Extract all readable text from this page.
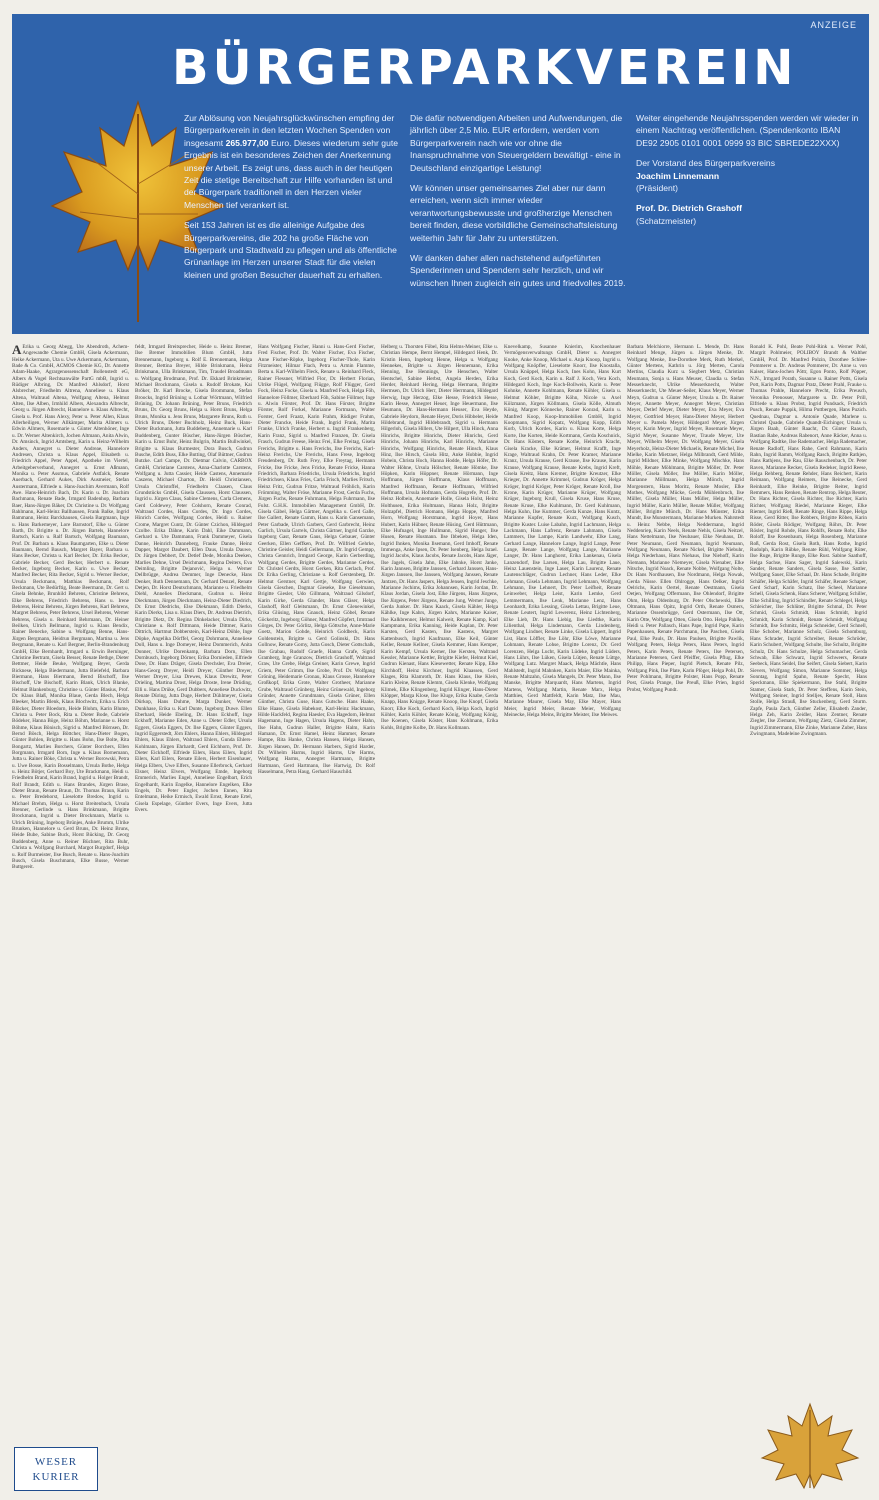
ANZEIGE
BÜRGERPARKVEREIN

Zur Ablösung von Neujahrsglückwünschen empfing der Bürgerparkverein in den letzten Wochen Spenden von insgesamt 265.977,00 Euro. Dieses wiederum sehr gute Ergebnis ist ein besonderes Zeichen der Anerkennung unserer Arbeit. Es zeigt uns, dass auch in der heutigen Zeit die stetige Bereitschaft zur Hilfe vorhanden ist und der Bürgerpark traditionell in den Herzen vieler Menschen tief verankert ist.

Seit 153 Jahren ist es die alleinige Aufgabe des Bürgerparkvereins, die 202 ha große Fläche von Bürgerpark und Stadtwald zu pflegen und als öffentliche Grünanlage im Herzen unserer Stadt für die vielen kleinen und großen Besucher dauerhaft zu erhalten.

Die dafür notwendigen Arbeiten und Aufwendungen, die jährlich über 2,5 Mio. EUR erfordern, werden vom Bürgerparkverein nach wie vor ohne die Inanspruchnahme von Steuergeldern bewältigt - eine in Deutschland einzigartige Leistung!

Wir können unser gemeinsames Ziel aber nur dann erreichen, wenn sich immer wieder verantwortungsbewusste und großherzige Menschen bereit finden, diese vorbildliche Gemeinschaftsleistung weiterhin Jahr für Jahr zu unterstützen.

Wir danken daher allen nachstehend aufgeführten Spenderinnen und Spendern sehr herzlich, und wir wünschen Ihnen zugleich ein gutes und friedvolles 2019.

Weiter eingehende Neujahrsspenden werden wir wieder in einem Nachtrag veröffentlichen. (Spendenkonto IBAN DE92 2905 0101 0001 0999 93 BIC SBREDE22XXX)

Der Vorstand des Bürgerparkvereins
Joachim Linnemann
(Präsident)

Prof. Dr. Dietrich Grashoff
(Schatzmeister)

A Erika u. Georg Abegg, Ute Abendroth, Achem-Angewandte Chemie GmbH, Gisela Ackermann, Heike Ackermann, Uta u. Uwe Ackermann, Ackermann, Bade & Co. GmbH, ACMOS Chemie KG, Dr. Annette Adam-Haake, Agrargenossenschaft Bollenstedt eG, Albers & Vogel Rechtsanwälte PartG mbB, Ingrid u. Rüdiger Albring, Dr. Manfred Ahlsdorf, Horst Alsbrecher, Friedhelm Altrena, Anneliese u. Klaus Altena, Waltraud Altena, Wolfgang Altena, Helmut Alten, Ilse Alben, Irmhild Albers, Alexandra Albrecht, Georg u. Jürgen Albrecht, Hannelore u. Klaus Albrecht, Gisela u. Prof. Hans Alexy, Peter u. Peter Allen, Klaus Allerheiligen, Werner Allkämper, Marita Allmers u. Edwin Allmers, Rosemarie u. Günter Altenhöner, Inge u. Dr. Werner Altenkirch, Jochen Altmann, Anita Alwin, Dr. Amsinck, Ingrid Amtsberg, Karin u. Heinz-Wilhelm Anders, Annegret u. Dieter Andreae, Hannelore Andresen, Christa u. Klaus Appel, Elisabeth u. Friedrich Appel, Peter Appel, Apotheke im Viertel, Arbeitgeberverband, Annegret u. Ernst Aßmann, Monika u. Peter Assmus, Gabriele Astfalck, Renate Auerbach, Gerhard Aukes, Dirk Ausmeier, Stefan Austermann, Elfriede u. Hans-Joachim Avermann, Rolf Awe. Hans-Heinrich Bach, Dr. Karin u. Dr. Joachim Bachmann, Renate Bade, Irmgard Badenhop, Barbara Baer, Hans-Jürgen Bäker, Dr. Christine u. Dr. Wolfgang Bahlmann, Karl-Heinz Ballhausen, Frank Balke, Ingrid Bammann, Heinz Barckhausen, Gisela Bargmann, Inge u. Hans Barkemeyer, Lore Barnstorf, Elke u. Günter Barth, Dr. Brigitte u. Dr. Jürgen Bartels, Hannelore Bartsch, Karin u. Ralf Bartsch, Wolfgang Baumann, Prof. Dr. Barbara u. Klaus Baumgarten, Elke u. Dieter Baumann, Bernd Bausch, Margret Bayer, Barbara u. Hans Becker, Christa u. Karl Becker, Dr. Erika Becker, Gabriele Becker, Gerd Becker, Herbert u. Renate Becker, Ingeborg Becker, Karin u. Uwe Becker, Manfred Becker, Rita Becker, Sigrid u. Werner Becker, Ursula Beckmann, Matthias Beckmann, Rolf Beckmann, Ute Bedürftig, Beate Beermann, Dr. Gert u. Gisela Behnke, Brunhild Behrens, Christine Behrens, Elke Behrens, Friedrich Behrens, Hans u. Irene Behrens, Heinz Behrens, Jürgen Behrens, Karl Behrens, Margret Behrens, Peter Behrens, Ursel Behrens, Werner Behrens, Gisela u. Reinhard Behrmann, Dr. Heiner Beilken, Ulrich Bellmann, Ingrid u. Klaus Bendix, Rainer Benecke, Sabine u. Wolfgang Benne, Hans-Jürgen Bergmann, Heidrun Bergmann, Martina u. Jens Bergmann, Renate u. Karl Bergner, Berlin-Brandenburg GmbH, Elke Bernhardt, Irmgard u. Erwin Berninger, Christine Bertram, Gisela Besser, Renate Bethge, Dieter Bettmer, Heide Beuke, Wolfgang Beyer, Gerda Bicknese, Helga Biedermann, Jutta Bielefeld, Barbara Biermann, Hans Biermann, Bernd Bischoff, Ilse Bischoff, Ute Bischoff, Karin Blank, Ulrich Blanke, Helmut Blankenburg, Christine u. Günter Blasius, Prof. Dr. Klaus Blaß, Monika Blaue, Gerda Blech, Helga Bleeker, Martin Blenk, Klaus Blochwitz, Erika u. Erich Blöcker, Dieter Bloedorn, Heide Blohm, Karin Blume, Christa u. Peter Bock, Rita u. Dieter Bode, Gabriele Bödeker, Hanna Böge, Heinz Böhm, Marianne u. Horst Böhme, Klaus Bönisch, Sigrid u. Manfred Börnsen, Dr. Bernd Bösch, Helga Böttcher, Hans-Dieter Bogen, Günter Bohlen, Brigitte u. Hans Bohn, Ilse Bolte, Rita Bongartz, Marlies Borchers, Günter Borchers, Ellen Borgmann, Irmgard Born, Inge u. Klaus Bornemann, Jutta u. Rainer Böke, Christa u. Werner Borowski, Petra u. Uwe Bosse, Karin Bosselmann, Ursula Bothe, Helga u. Heinz Bötjer, Gerhard Boy, Ute Brackmann, Heidi u. Friedhelm Brand, Karin Brand, Ingrid u. Holger Brandt, Rolf Brandt, Edith u. Hans Brandes, Jürgen Brase, Dieter Braun, Renate Braun, Dr. Thomas Braun, Karin u. Peter Bredehorst, Lieselotte Bredow, Ingrid u. Michael Brehm, Helga u. Horst Breitenbach, Ursula Brenner, Gerlinde u. Hans Brinkmann, Brigitte Brockmann, Ingrid u. Dieter Brockmann, Marlis u. Ulrich Brüning, Ingeborg Brünjes, Anke Brumm, Ulrike Brunken, Hannelore u. Gerd Bruns, Dr. Heinz Bruns, Heide Bube, Sabine Buck, Horst Bücking, Dr. Georg Buddenberg, Anne u. Reiner Büchner, Rita Buhr, Christa u. Wolfgang Burchard, Margot Burgdorf, Helga u. Rolf Burmeister, Ilse Busch, Renate u. Hans-Joachim Busch, Gisela Buschmann, Elke Busse, Werner Buttgereit.
feldt, Irmgard Breitsprecher, Heide u. Heinz Bremer, Ilse Bremer Immobilien Blum GmbH, Jutta Brennemann, Ingeborg u. Rolf E. Brennemann, Helga Brenner, Bettina Breyer, Hilde Brinkmann, Heinz Brinkmann, Ulla Brinkmann, Tim, Traudel Broadmann u. Wolfgang Brodmann, Prof. Dr. Ekkard Brinkmeier, Michael Brockmann, Gisela u. Rudolf Brokate, Kai Bröker, Dr. Karl Brocke, Gisela Brommann, Stefan Broocks, Ingrid Brüning u. Lothar Wörtmann, Wilfried Brüning, Dr. Johann Brüning, Peter Bruns, Friedrich Bruns, Dr. Georg Bruns, Helga u. Horst Bruns, Helga Bruns, Monika u. Jens Bruns, Margarete Bruns, Ruth u. Ulrich Bruns, Dieter Buchholz, Heinz Buck, Hans-Dieter Buckmann, Jutta Buddeberg, Annemarie u. Karl Buddenberg, Gunter Büscher, Hans-Jürgen Büscher, Karin u. Ernst Buhr, Heinz Bulgrin, Martin Bullwinkel, Brigitte u. Klaus Burmester, Dora Busch, Gudrun Busche, Edith Buss, Elke Butting, Olaf Büttner, Gudrun Butzke. Carl Campe, Dr. Dietmar Calvin, CARBOX GmbH, Christiane Carstens, Anna-Charlotte Carstens, Wolfgang u. Jutta Cassier, Heide Castens, Annemarie Caszens, Michael Charton, Dr. Heidi Christiansen, Ursula Christoffel, Friedhelm Claasen, Claus Grundstücks GmbH, Gisela Claussen, Horst Claussen, Ingrid u. Jürgen Claus, Sabine Clemens, Carla Clemens, Gerd Coldewey, Peter Colshorn, Renate Conrad, Waltraud Cordes, Hans Cordes, Dr. Ingo Cordes, Hinrich Cordes, Wolfgang Cordes, Heidi u. Rainer Crome, Margret Cuntz, Dr. Günter Czichon, Hildegard Czolbe. Erika Dähne, Karin Dahl, Eike Dammann, Gerhard u. Ute Dammann, Frank Dammeyer, Gisela Danne, Heinrich Danneberg, Frauke Danne, Heinz Dapper, Margot Daubert, Ellen Daus, Ursula Dauwe, Dr. Jürgen Debbert, Dr. Detlef Dede, Monika Deeken, Marlies Dehne, Ursel Deichmann, Regina Deiters, Eva Deimling, Brigitte Dejanović, Helga u. Werner Dellbrügge, Andrea Demmer, Inge Denecke, Hans Denker, Ruth Dennemann, Dr. Gerhard Denzel, Renate Detjen, Dr. Horst Deutschmann, Marianne u. Friedhelm Diehl, Annelies Dieckmann, Gudrun u. Heinz Dieckmann, Jürgen Dieckmann, Heinz-Dieter Diedrich, Dr. Ernst Diedrichs, Else Diekmann, Edith Dierks, Karin Dierks, Lisa u. Klaus Diers, Dr. Andreas Dietrich, Brigitte Dietz, Dr. Regina Dinkelacker, Ursula Dirks, Christiane u. Rolf Dittmann, Heide Dittmer, Karin Dittrich, Hartmut Dobberstein, Karl-Heinz Döhle, Inge Döpke, Angelika Dörffel, Georg Dohrmann, Anneliese Doll, Hans u. Inge Domeyer, Heinz Dommerich, Anita Donner, Ulrike Dorenkamp, Barbara Dorn, Ellen Dornbusch, Ingeborg Dörner, Erika Dornieden, Elfriede Dose, Dr. Hans Dräger, Gisela Drechsler, Eva Dreier, Hans-Georg Dreyer, Heidi Dreyer, Günther Dreyer, Werner Dreyer, Lisa Drewes, Klaus Drewitz, Peter Drieling, Martina Drost, Helga Droste, Irene Drüding, Elli u. Hans Drüke, Gerd Dubbers, Anneliese Duckwitz, Renate Düring, Jutta Duge, Herbert Dühlmeyer, Gisela Dürkop, Hans Duhme, Marga Dunker, Werner Dunkhase, Erika u. Karl Dunte, Ingeborg Duwe. Ellen Eberhard, Heide Ebeling, Dr. Hans Eckhoff, Inge Eckhoff, Marianne Eden, Anne u. Dieter Edler, Ursula Eggers, Gisela Eggers, Dr. Ilse Eggers, Günter Eggers, Ingrid Eggerstedt, Jörn Ehlers, Hanna Ehlers, Hildegard Ehlers, Klaus Ehlers, Waltraud Ehlers, Gunda Ehlers-Kohlmann, Jürgen Ehrhardt, Gerd Eichhorn, Prof. Dr. Dieter Eickhoff, Elfriede Eilers, Hans Eilers, Ingrid Eilers, Karl Eilers, Renate Eilers, Herbert Eisenhauer, Helga Elbers, Uwe Elfers, Susanne Ellerbrock, Gerhard Elsner, Heinz Elvers, Wolfgang Emde, Ingeborg Emmerich, Marlies Engel, Anneliese Engelbart, Erich Engelhardt, Karin Engelke, Hannelore Engelken, Elke Engels, Dr. Peter Engler, Jochen Ennen, Rita Entelmann, Heike Ermisch, Ewald Ernst, Renate Ertel, Gisela Espelage, Günther Evers, Inge Evers, Jutta Evers.
Hans Wolfgang Fischer, Hanni u. Hans-Gerd Fischer, Fred Fischer, Prof. Dr. Walter Fischer, Eva Fischer, Anne Fischer-Röpke, Ingeborg Fischer-Thole, Karin Fitzmeister, Hilmar Flach, Petra u. Armin Flamme, Berta u. Karl-Wilhelm Fleck, Renate u. Reinhard Fleck, Rainer Flessner, Wilfried Flor, Dr. Herbert Florian, Ulrike Flügel, Wolfgang Flügge, Rolf Flügger, Gerd Fock, Heinz Focke, Gisela u. Manfred Fock, Helga Föh, Hannelore Föllmer, Eberhard Föh, Sabine Föllmer, Inge u. Alwin Förster, Prof. Dr. Hans Förster, Brigitte Förster, Rolf Forkel, Marianne Fortmann, Walter Forster, Gerd Fraatz, Karin Frahm, Rüdiger Frahm, Dieter Francke, Heide Frank, Ingrid Frank, Marita Franke, Ulrich Franke, Herbert u. Ingrid Frankenberg, Karin Franz, Sigrid u. Manfred Franzen, Dr. Gisela Frasch, Gudrun Freese, Heinz Frei, Elke Freitag, Gisela Frerichs, Brigitte u. Hans Frerichs, Ilse Frerichs, Karl-Heinz Frerichs, Ute Frerichs, Hans Frese, Ingeborg Freudenberg, Dr. Ruth Frey, Elke Freytag, Hermann Fricke, Ilse Fricke, Jens Fricke, Renate Fricke, Hanna Friedrich, Barbara Friedrichs, Ursula Friedrichs, Ingrid Friedrichsen, Klaus Fries, Carla Frisch, Marlies Fritsch, Heinz Fritz, Gudrun Fritze, Waltraud Fröhlich, Karin Frömming, Walter Fröse, Marianne Frost, Gerda Fuchs, Jürgen Fuchs, Renate Fuhrmann, Helga Fuhrmann, Ilse Fulst. G.H.K. Immobilien Management GmbH, Dr. Gisela Gäbel, Helga Gärtner, Angelika u. Gerd Galle, Ilse Gallert, Renate Gamm, Hans u. Karin Gansemann, Peter Garbade, Ulrich Garbers, Gerd Garbrecht, Heinz Garlich, Ursula Garrels, Christa Gärtner, Ingrid Garzke, Ingeborg Gast, Renate Gaus, Helga Gebauer, Günter Geerken, Ellen Geffken, Prof. Dr. Wilfried Gehrke, Christine Geisler, Heidi Gellermann, Dr. Ingrid Gempp, Christa Gennrich, Irmgard George, Karin Gerberding, Wolfgang Gerdes, Brigitte Gerdes, Marianne Gerdes, Dr. Christel Gerdts, Horst Gerken, Rita Gerlach, Prof. Dr. Erika Gerling, Christiane u. Rolf Gerstenberg, Dr. Helmut Gerstner, Karl Gertje, Wolfgang Gerwien, Gisela Gieschen, Dagmar Gieseke, Ilse Gieselmann, Brigitte Giesler, Udo Gillmann, Waltraud Gilsdorf, Karin Girke, Gerda Glander, Hans Gläser, Helga Glashoff, Rolf Gleitsmann, Dr. Ernst Glenewinkel, Erika Glüsing, Hans Gnauck, Heinz Göbel, Renate Göckeritz, Ingeborg Göhner, Manfred Göpfert, Irmtraud Görges, Dr. Peter Görlitz, Helga Göttsche, Anne-Marie Goetz, Marion Gohde, Heinrich Goldbeck, Karin Goldenstein, Brigitte u. Gerd Golinski, Dr. Hans Gollnow, Renate Gorny, Jutta Gosch, Dieter Gottschalk, Ilse Grabau, Rudolf Graefe, Hanna Grafe, Sigrid Gramberg, Inge Granzow, Dietrich Grashoff, Waltraud Graw, Ute Grebe, Helga Greiner, Karin Grewe, Ingrid Griem, Peter Grimm, Ilse Grobe, Prof. Dr. Wolfgang Gröning, Heidemarie Gronau, Klaus Grosse, Hannelore Großkopf, Erika Grote, Walter Grotheer, Marianne Grube, Waltraud Grünberg, Heinz Grünewald, Ingeborg Gründer, Annette Grundmann, Gisela Grüner, Ellen Günther, Christa Guse, Hans Gutsche. Hans Haake, Elke Haase, Gisela Habekost, Karl-Heinz Hackmann, Hilde Hackfeld, Regina Haesler, Eva Hagedorn, Helmut Hagemann, Inge Hagen, Ursula Hagens, Dieter Hahn, Ilse Hahn, Gudrun Haller, Brigitte Halm, Karin Hamann, Dr. Ernst Hamel, Heinz Hammer, Renate Hampe, Rita Hanke, Christa Hansen, Helga Hansen, Jürgen Hansen, Dr. Hermann Harbers, Sigrid Harder, Dr. Wilhelm Harms, Ingrid Harms, Ute Harms, Wolfgang Harms, Annegret Hartmann, Brigitte Hartmann, Gerd Hartmann, Ilse Hartwig, Dr. Rolf Hasselmann, Petra Haug, Gerhard Hauschild.
Helberg u. Thorsten Föbel, Rita Helms-Meiner, Elke u. Christian Hempe, Bernt Hempel, Hildegard Henk, Dr. Kristin Henn, Ingeborg Henne, Helga u. Wolfgang Hennekes, Brigitte u. Jürgen Hennemann, Erika Henning, Ilse Hennings, Ute Henschen, Walter Hentschel, Sabine Herbst, Angela Herden, Erika Herder, Reinhard Hering, Helga Hermann, Brigitte Hermsen, Dr. Ulrich Herr, Dieter Herrmann, Hildegard Herwig, Inge Herzog, Elke Hesse, Friedrich Hesse, Karin Hesse, Annegret Heuer, Inge Heuermann, Ilse Heumann, Dr. Hans-Hermann Heuser, Eva Heyde, Gabriele Heydorn, Renate Heyer, Doris Hibbeler, Heide Hildebrand, Ingrid Hildebrandt, Sigrid u. Hermann Hilgerloh, Gisela Hillers, Ute Hilpert, Ulla Hinck, Anna Hinrichs, Brigitte Hinrichs, Dieter Hinrichs, Gerd Hinrichs, Johann Hinrichs, Karl Hinrichs, Marianne Hinrichs, Wolfgang Hinrichs, Renate Hinsch, Klaus Hinz, Ilse Hirsch, Gisela Hitz, Anke Hobbie, Ingrid Hobein, Christa Hoch, Hanna Hodde, Helga Höfer, Dr. Walter Höhne, Ursula Hölscher, Renate Hömke, Ilse Höpken, Karin Höppner, Renate Hörmann, Inge Hoffmann, Jürgen Hoffmann, Klaus Hoffmann, Manfred Hoffmann, Renate Hoffmann, Wilfried Hoffmann, Ursula Hofmann, Gerda Hogrefe, Prof. Dr. Heinz Holbein, Annemarie Holle, Gisela Holst, Heinz Holthusen, Erika Holtmann, Hanna Holz, Brigitte Holzapfel, Dietrich Homann, Helga Hoppe, Manfred Horn, Wolfgang Horstmann, Ingrid Hoyer, Hans Hubert, Karin Hübner, Renate Hüsing, Gerd Hüttmann, Elke Hufnagel, Inge Hullmann, Sigrid Hunger, Ilse Husen, Renate Husmann. Ilse Ibbeken, Helga Iden, Ingrid Ihnken, Monika Ilsemann, Gerd Imhoff, Renate Immenga, Anke Ipsen, Dr. Peter Isenberg, Helga Israel. Ingrid Jacobs, Klaus Jacobs, Renate Jacobs, Hans Jäger, Ilse Jagels, Gisela Jahn, Elke Jahnke, Horst Janke, Karin Jannsen, Brigitte Janssen, Gerhard Janssen, Hans-Jürgen Janssen, Ilse Janssen, Wolfgang Janssen, Renate Jantzen, Dr. Hans Jaspers, Helga Jensen, Ingrid Jeschke, Marianne Jochims, Erika Johannsen, Karin Jordan, Dr. Klaus Jordan, Gisela Jost, Elke Jürgens, Hans Jürgens, Ilse Jürgens, Peter Jürgens, Renate Jung, Werner Junge, Gerda Junker. Dr. Hans Kaack, Gisela Kähler, Helga Kählke, Inge Kahrs, Jürgen Kahrs, Marianne Kaiser, Ilse Kalkbrenner, Helmut Kalweit, Renate Kamp, Karl Kampmann, Erika Kanning, Heide Kaplan, Dr. Peter Karsten, Gerd Kasten, Ilse Kastens, Margret Kattenbusch, Ingrid Kaufmann, Elke Keil, Günter Keller, Renate Kellner, Gisela Kemmer, Hans Kemper, Karin Kempf, Ursula Kerner, Ilse Kersten, Waltraud Kessler, Marianne Kettler, Brigitte Kiefer, Helmut Kiel, Gudrun Kienast, Hans Kiesewetter, Renate Kipp, Elke Kirchhoff, Heinz Kirchner, Ingrid Klaassen, Gerd Klages, Rita Klamroth, Dr. Hans Klaus, Ilse Klein, Karin Kleine, Renate Klemm, Gisela Klenke, Wolfgang Klimek, Elke Klingenberg, Ingrid Klinger, Hans-Dieter Klöpper, Marga Klose, Ilse Kluge, Erika Knabe, Gerda Knapp, Hans Knigge, Renate Knoop, Ilse Knopf, Gisela Knorr, Elke Koch, Gerhard Koch, Helga Koch, Ingrid Köhler, Karin Köhler, Renate König, Wolfgang König, Ilse Koenen, Gisela Köster, Hans Kohlmann, Erika Kohls, Brigitte Kolbe, Dr. Hans Kollmann.
Knevelkamp, Susanne Knierim, Knochenhauer Vermögensverwaltungs GmbH, Dieter u. Annegret Knoke, Anke Knoop, Michael u. Anja Knoop, Ingrid u. Wolfgang Knöpfler, Lieselotte Knorr, Ilse Knostalla, Ursula Knüppel, Helga Koch, Ines Kohn, Hans Kurt Koch, Gerd Koch, Karin u. Ralf J. Koch, Vera Koch, Hildegard Koch, Inge Koch-Bollwein, Karin u. Peter Kohnke, Annette Kohlmann, Renate Köhler, Gisela u. Helmut Köhler, Brigitte Köhn, Nicole u. Axel Kölzmann, Jürgen Köllmann, Gisela Kölle, Almuth König, Margret Könnecke, Rainer Konrad, Karin u. Manfred Koop, Koop-Immobilien GmbH, Ingrid Koopmann, Sigrid Kopatz, Wolfgang Kopp, Edith Korb, Ulrich Kordes, Karin u. Klaus Korte, Helga Korte, Ilse Korten, Heide Kortmann, Gerda Koschnick, Dr. Hans Kösters, Renate Kothe, Heinrich Kracht, Gisela Kracke, Elke Krämer, Helmut Krafft, Inge Krage, Waltraud Krahn, Dr. Peter Kramer, Marianne Kranz, Ursula Krause, Gerd Krause, Ilse Krause, Karin Krause, Wolfgang Krause, Renate Krebs, Ingrid Kreft, Gisela Kreitz, Hans Kremer, Brigitte Kreutzer, Elke Krieger, Dr. Annette Krimmel, Gudrun Kröger, Helga Kröger, Ingrid Kröger, Peter Kröger, Renate Kroll, Ilse Krone, Karin Krüger, Marianne Krüger, Wolfgang Krüger, Ingeborg Krull, Gisela Kruse, Hans Kruse, Renate Kruse, Elke Kuhlmann, Dr. Gerd Kuhlmann, Helga Kuhn, Ilse Kummer, Gerda Kunze, Hans Kuntz, Marianne Kupfer, Renate Kurz, Wolfgang Kusch, Brigitte Kuster. Luise Labahn, Ingrid Lachmann, Helga Lackmann, Hans Lafrenz, Renate Lahmann, Gisela Lammers, Ilse Lampe, Karin Landwehr, Elke Lang, Gerhard Lange, Hannelore Lange, Ingrid Lange, Peter Lange, Renate Lange, Wolfgang Lange, Marianne Langer, Dr. Hans Langhorst, Erika Lankenau, Gisela Lanzendorf, Ilse Larsen, Helga Lau, Brigitte Laue, Heinz Lauenstein, Inge Lauer, Karin Laurenz, Renate Lautenschläger, Gudrun Lechner, Hans Leder, Elke Lehmann, Gisela Lehmann, Ingrid Lehmann, Wolfgang Lehmann, Ilse Lehnert, Dr. Peter Leifheit, Renate Leinweber, Helga Leist, Karin Lemke, Gerd Lemmermann, Ilse Lenk, Marianne Lenz, Hans Leonhardt, Erika Lessing, Gisela Lettau, Brigitte Leue, Renate Leutert, Ingrid Lewerenz, Heinz Lichtenberg, Elke Lieb, Dr. Hans Liebig, Ilse Liedtke, Karin Lilienthal, Helga Lindemann, Gerda Lindenberg, Wolfgang Lindner, Renate Linke, Gisela Lippert, Ingrid List, Hans Löffler, Ilse Löhr, Elke Löwe, Marianne Lohmann, Renate Lohse, Brigitte Lorenz, Dr. Gerd Lorenzen, Helga Lucht, Karin Lüdeke, Ingrid Lüders, Hans Lührs, Ilse Lüken, Gisela Lütjen, Renate Lüttge, Wolfgang Lutz. Margret Maack, Helga Mächtle, Hans Mahlstedt, Ingrid Mahnken, Karin Maier, Elke Mainka, Renate Maltzahn, Gisela Mangels, Dr. Peter Mann, Ilse Manske, Brigitte Marquardt, Hans Martens, Ingrid Martens, Wolfgang Martin, Renate Marx, Helga Matthies, Gerd Mattfeldt, Karin Matz, Ilse Mau, Marianne Maurer, Gisela May, Elke Mayer, Hans Meier, Ingrid Meier, Renate Meier, Wolfgang Meinecke, Helga Meins, Brigitte Meister, Ilse Meiwes.
Barbara Melchiorre, Hermann L. Mende, Dr. Hans Reinhard Menge, Jürgen u. Jürgen Menke, Dr. Wolfgang Menke, Ilse-Dorothee Merk, Ruth Merkel, Günter Mertens, Kathrin u. Jörg Merten, Carola Mertins, Claudia Kurz u. Siegbert Metz, Christian Meumann, Sonja u. Hans Meuser, Claudia u. Stefan Messerknecht, Ulrike Messerknecht, Walter Messerknecht, Ute Meuer-Seiler, Klaus Meyer, Werner Meyn, Gudrun u. Günter Meyer, Ursula u. Dr. Rainer Meyer, Annette Meyer, Annegret Meyer, Christian Meyer, Detlef Meyer, Dieter Meyer, Eva Meyer, Eva Meyer, Gottfried Meyer, Hans-Dieter Meyer, Herbert Meyer u. Pamela Meyer, Hildegard Meyer, Jürgen Meyer, Karin Meyer, Ingrid Meyer, Rosemarie Meyer, Sigrid Meyer, Susanne Meyer, Traude Meyer, Ute Meyer, Wilhelm Meyer, Dr. Wolfgang Meyer, Gisela Meyerholz, Heinz-Dieter Michaelis, Renate Michel, Ilse Mielke, Karin Mietzner, Helga Milbrandt, Gerd Milde, Ingrid Mildner, Elke Minke, Wolfgang Mischke, Hans Möhle, Renate Möhlmann, Brigitte Möller, Dr. Peter Möller, Gisela Möller, Ilse Möller, Karin Möller, Marianne Möllmann, Helga Mönch, Ingrid Morgenstern, Hans Moritz, Renate Mosler, Elke Mothes, Wolfgang Mücke, Gerda Mühlenbruch, Ilse Müller, Gisela Müller, Hans Müller, Helga Müller, Ingrid Müller, Karin Müller, Renate Müller, Wolfgang Müller, Brigitte Münch, Dr. Hans Münster, Erika Mundt, Ilse Munstermann, Marianne Murken. Nahrstedt u. Heinz Nebbe, Helga Neddermann, Ingrid Neddenriep, Karin Neels, Renate Nehls, Gisela Neitzel, Hans Nettelmann, Ilse Neubauer, Elke Neuhaus, Dr. Peter Neumann, Gerd Neumann, Ingrid Neumann, Wolfgang Neumann, Renate Nickel, Brigitte Niebuhr, Helga Niederhaus, Hans Niehaus, Ilse Niehoff, Karin Niemann, Marianne Niemeyer, Gisela Nienaber, Elke Nitsche, Ingrid Noack, Renate Nobbe, Wolfgang Nolte, Dr. Hans Nordhausen, Ilse Nordmann, Helga Nowak, Gerda Nüsse. Ellen Ohlrogge, Hans Oelker, Ingrid Oelrichs, Karin Oertel, Renate Oestmann, Gisela Oetjen, Wolfgang Offermann, Ilse Ohlendorf, Brigitte Ohm, Helga Oldenburg, Dr. Peter Olschewski, Elke Oltmann, Hans Opitz, Ingrid Orth, Renate Osmers, Marianne Ossenbrügge, Gerd Ostermann, Ilse Ott, Karin Otte, Wolfgang Otten, Gisela Otto. Helga Pahlke, Heidi u. Peter Pallasch, Hans Pape, Ingrid Pape, Karin Papenhausen, Renate Parchmann, Ilse Paschen, Gisela Paul, Elke Pauls, Dr. Hans Paulsen, Brigitte Pawlik, Wolfgang Peters, Helga Peters, Hans Peters, Ingrid Peters, Karin Peters, Renate Peters, Ilse Petersen, Marianne Petersen, Gerd Pfeiffer, Gisela Pflug, Elke Philipp, Hans Pieper, Ingrid Pietsch, Renate Pilz, Wolfgang Pink, Ilse Plate, Karin Plöger, Helga Pohl, Dr. Peter Pohlmann, Brigitte Polster, Hans Popp, Renate Post, Gisela Prange, Ilse Preuß, Elke Prien, Ingrid Probst, Wolfgang Pundt.
Ronald K. Pohl, Beate Pohl-Rink u. Werner Pohl, Margrit Pohlmeier, POLIBOY Brandt & Walther GmbH, Prof. Dr. Manfred Polzin, Dorothee Schlee-Pommerer u. Dr. Andreas Pommerer, Dr. Anne u. von Kaiser, Hans-Jochen Pöttr, Egon Ponto, Rolf Pöpper, N.N., Irmgard Porath, Susanne u. Rainer Potts, Gisela Pott, Karin Potts, Dagmar Pratz, Dieter Prahl, Frauke u. Thomas Prahle, Hannelore Precht, Erika Preusch, Veronika Prenosser, Margarete u. Dr. Peter Prill, Elfriede u. Klaus Probst, Ingrid Pundsack, Friedrich Pusch, Renate Puppik, Hilma Puttbergen, Hans Puzich. Quednau, Dagmar u. Antonie Quade, Marlene u. Christel Quade, Gabriele Quandt-Eichinger, Ursula u. Jürgen Baab, Günter Raacht, Dr. Günter Raasch, Bastian Rabe, Andreas Rabenort, Anne Räcker, Anna u. Wolfgang Radtke, Ilse Rademacher, Helga Rademacher, Renate Radloff, Hans Rahe, Gerd Rahmann, Karin Rahn, Ingrid Ramm, Wolfgang Rasch, Brigitte Rathjen, Hans Rathjens, Ilse Rau, Elke Rauschenbach, Dr. Peter Raven, Marianne Recker, Gisela Redeker, Ingrid Reese, Helga Rehberg, Renate Rehder, Hans Reichert, Karin Reimann, Wolfgang Reimers, Ilse Reinecke, Gerd Reinhardt, Elke Reinke, Brigitte Reiter, Ingrid Remmers, Hans Renken, Renate Rentrop, Helga Reuter, Dr. Hans Richter, Gisela Richter, Ilse Richter, Karin Richter, Wolfgang Riedel, Marianne Rieger, Elke Riemer, Ingrid Rieß, Renate Ringe, Hans Rippe, Helga Risse, Gerd Ritter, Ilse Robbers, Brigitte Röben, Karin Röder, Gisela Rödiger, Wolfgang Röhrs, Dr. Peter Rösler, Ingrid Rohde, Hans Rohlfs, Renate Rohr, Elke Roloff, Ilse Rosenbaum, Helga Rosenberg, Marianne Roß, Gerda Rost, Gisela Roth, Hans Rothe, Ingrid Rudolph, Karin Rübke, Renate Rühl, Wolfgang Rüter, Ilse Ruge, Brigitte Runge, Elke Rust. Sabine Saathoff, Helga Sachse, Hans Sager, Ingrid Salewski, Karin Sander, Renate Sanders, Gisela Sasse, Ilse Sattler, Wolfgang Sauer, Elke Schaal, Dr. Hans Schade, Brigitte Schäfer, Helga Schäfer, Ingrid Schäfer, Renate Schaper, Gerd Scharf, Karin Schatz, Ilse Scheel, Marianne Schell, Gisela Schenk, Hans Scherer, Wolfgang Schiller, Elke Schilling, Ingrid Schindler, Renate Schlegel, Helga Schleicher, Ilse Schlüter, Brigitte Schmal, Dr. Peter Schmid, Gisela Schmidt, Hans Schmidt, Ingrid Schmidt, Karin Schmidt, Renate Schmidt, Wolfgang Schmidt, Ilse Schmitz, Helga Schneider, Gerd Schnell, Elke Schober, Marianne Scholz, Gisela Schomburg, Hans Schrader, Ingrid Schreiber, Renate Schröder, Karin Schubert, Wolfgang Schulte, Ilse Schultz, Brigitte Schulz, Dr. Hans Schulze, Helga Schumacher, Gerda Schwab, Elke Schwarz, Ingrid Schweers, Renate Seebeck, Hans Seidel, Ilse Seifert, Gisela Siebert, Karin Sievers, Wolfgang Simon, Marianne Sommer, Helga Sonntag, Ingrid Spahn, Renate Specht, Hans Speckmann, Elke Spiekermann, Ilse Stahl, Brigitte Stamer, Gisela Stark, Dr. Peter Steffens, Karin Stein, Wolfgang Steiner, Ingrid Stelljes, Renate Stoll, Hans Stolle, Helga Strauß, Ilse Stuckenberg, Gerd Sturm. Zapfe, Paula Zach, Günther Zeller, Elisabeth Zander, Helga Zeh, Karin Zeidler, Hans Zentner, Renate Ziegler, Ilse Ziemann, Wolfgang Zietz, Gisela Zimmer, Ingrid Zimmermann, Elke Zinke, Marianne Zuber, Hans Zwingmann, Madeleine Zwingmann.
WESER
KURIER
